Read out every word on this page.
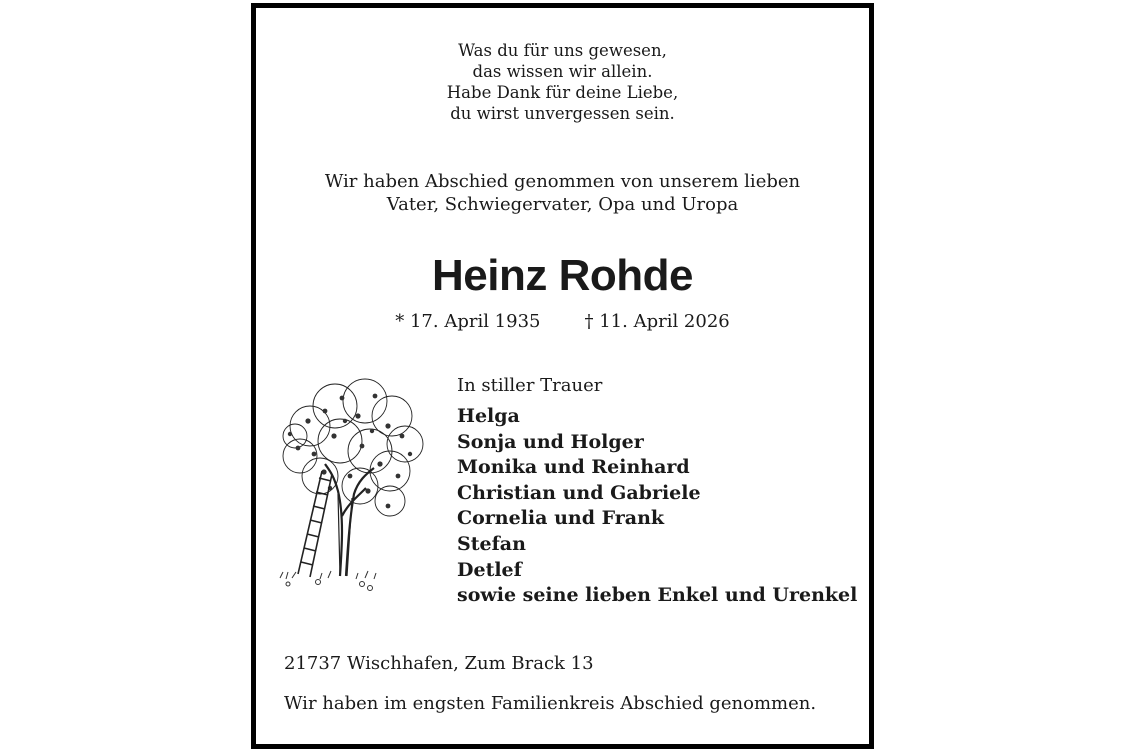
Was du für uns gewesen,
das wissen wir allein.
Habe Dank für deine Liebe,
du wirst unvergessen sein.
Wir haben Abschied genommen von unserem lieben
Vater, Schwiegervater, Opa und Uropa
Heinz Rohde
* 17. April 1935 † 11. April 2026
In stiller Trauer
Helga
Sonja und Holger
Monika und Reinhard
Christian und Gabriele
Cornelia und Frank
Stefan
Detlef
sowie seine lieben Enkel und Urenkel
21737 Wischhafen, Zum Brack 13
Wir haben im engsten Familienkreis Abschied genommen.
